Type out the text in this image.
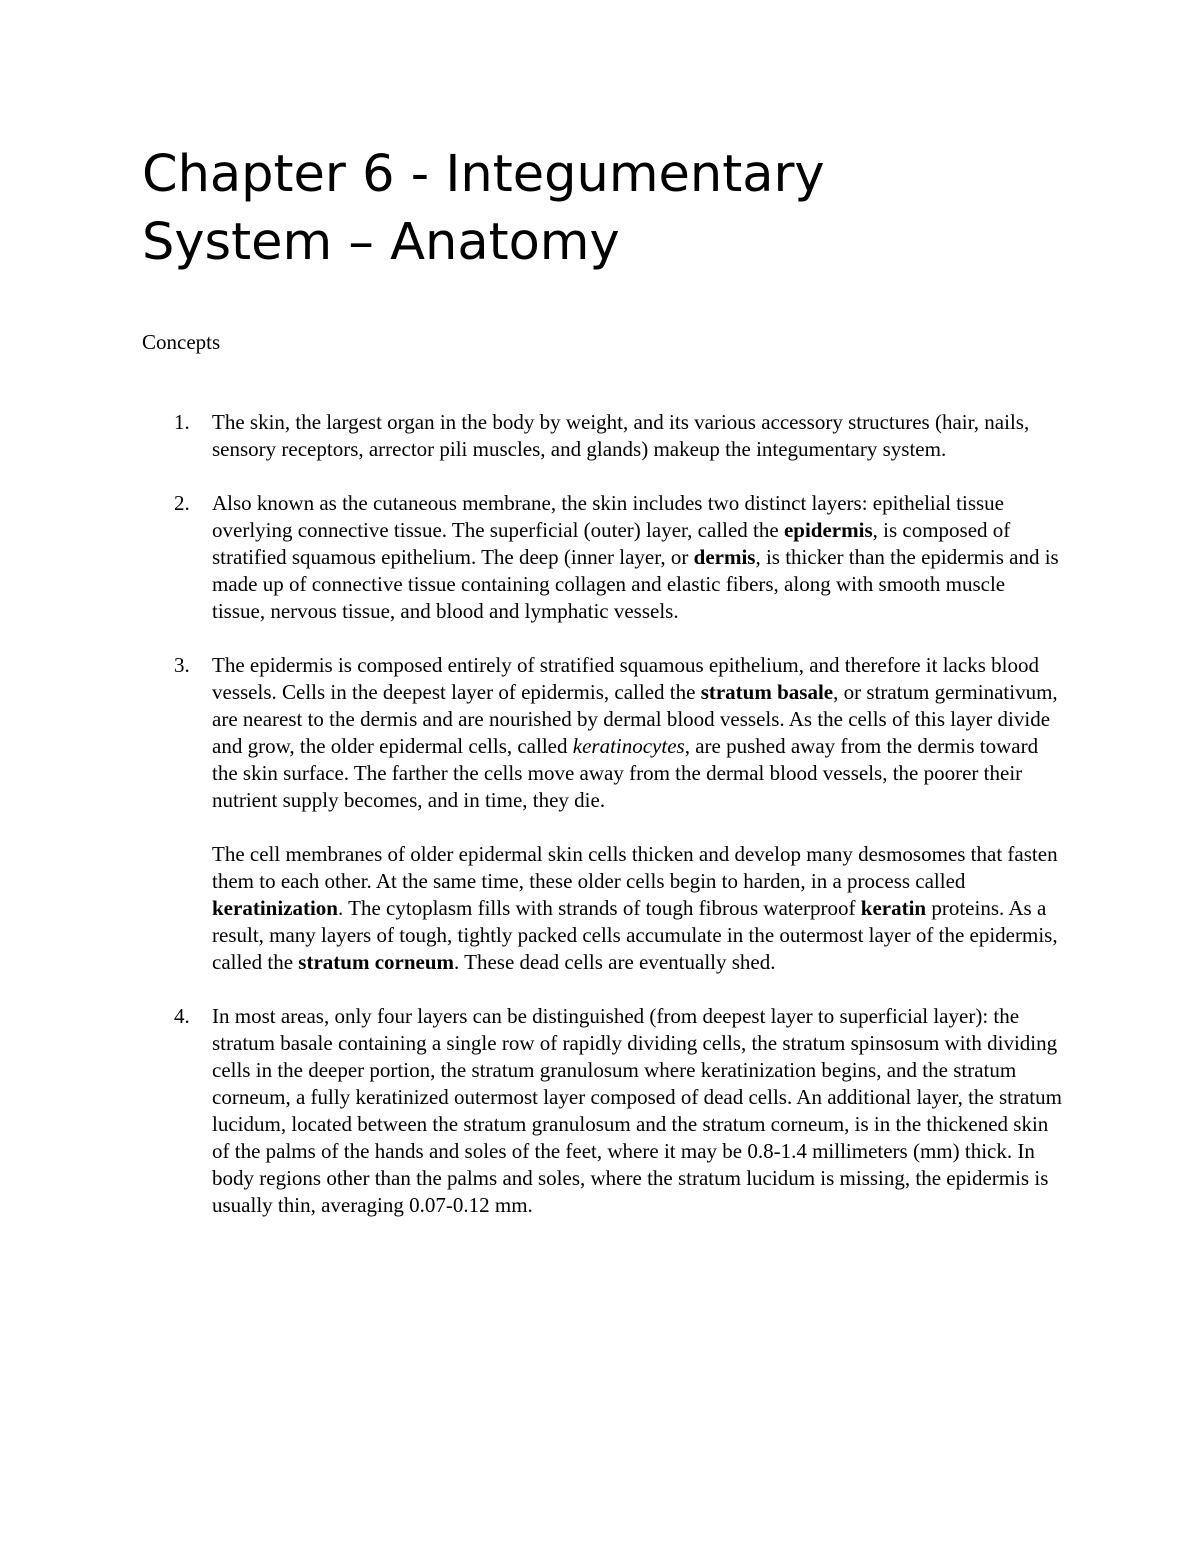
Chapter 6 - Integumentary
System – Anatomy

Concepts

1. The skin, the largest organ in the body by weight, and its various accessory structures (hair, nails, sensory receptors, arrector pili muscles, and glands) makeup the integumentary system.

2. Also known as the cutaneous membrane, the skin includes two distinct layers: epithelial tissue overlying connective tissue. The superficial (outer) layer, called the epidermis, is composed of stratified squamous epithelium. The deep (inner layer, or dermis, is thicker than the epidermis and is made up of connective tissue containing collagen and elastic fibers, along with smooth muscle tissue, nervous tissue, and blood and lymphatic vessels.

3. The epidermis is composed entirely of stratified squamous epithelium, and therefore it lacks blood vessels. Cells in the deepest layer of epidermis, called the stratum basale, or stratum germinativum, are nearest to the dermis and are nourished by dermal blood vessels. As the cells of this layer divide and grow, the older epidermal cells, called keratinocytes, are pushed away from the dermis toward the skin surface. The farther the cells move away from the dermal blood vessels, the poorer their nutrient supply becomes, and in time, they die.

The cell membranes of older epidermal skin cells thicken and develop many desmosomes that fasten them to each other. At the same time, these older cells begin to harden, in a process called keratinization. The cytoplasm fills with strands of tough fibrous waterproof keratin proteins. As a result, many layers of tough, tightly packed cells accumulate in the outermost layer of the epidermis, called the stratum corneum. These dead cells are eventually shed.

4. In most areas, only four layers can be distinguished (from deepest layer to superficial layer): the stratum basale containing a single row of rapidly dividing cells, the stratum spinsosum with dividing cells in the deeper portion, the stratum granulosum where keratinization begins, and the stratum corneum, a fully keratinized outermost layer composed of dead cells. An additional layer, the stratum lucidum, located between the stratum granulosum and the stratum corneum, is in the thickened skin of the palms of the hands and soles of the feet, where it may be 0.8-1.4 millimeters (mm) thick. In body regions other than the palms and soles, where the stratum lucidum is missing, the epidermis is usually thin, averaging 0.07-0.12 mm.
